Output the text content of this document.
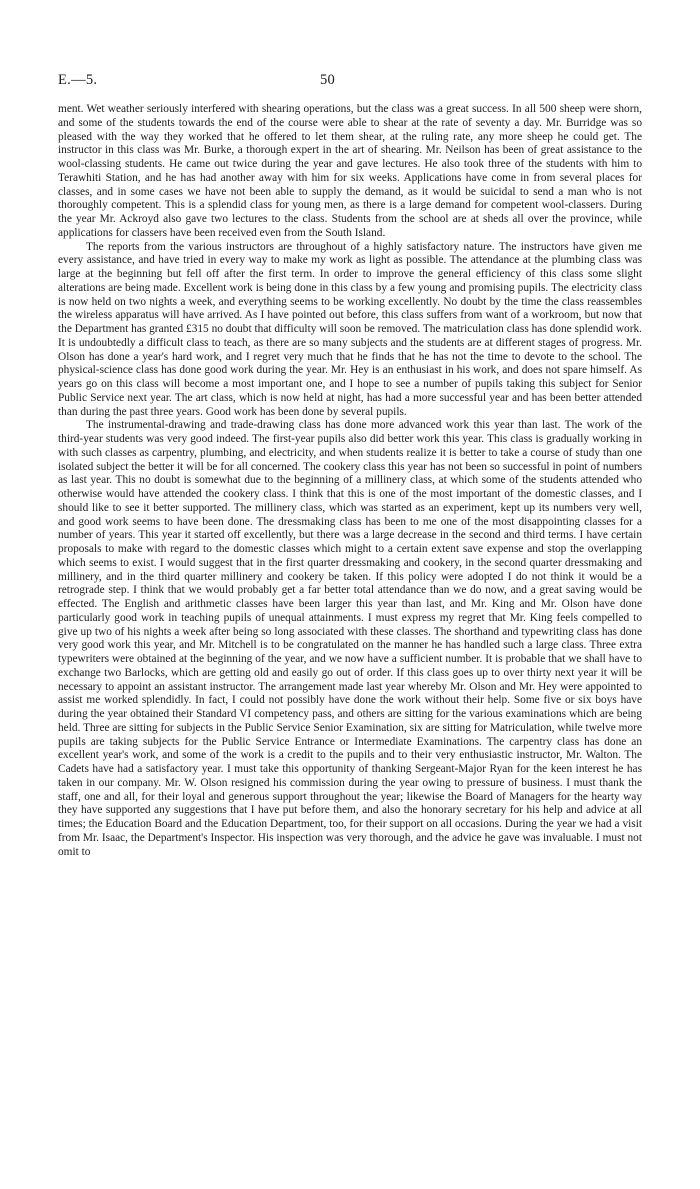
E.—5.	50

ment. Wet weather seriously interfered with shearing operations, but the class was a great success. In all 500 sheep were shorn, and some of the students towards the end of the course were able to shear at the rate of seventy a day. Mr. Burridge was so pleased with the way they worked that he offered to let them shear, at the ruling rate, any more sheep he could get. The instructor in this class was Mr. Burke, a thorough expert in the art of shearing. Mr. Neilson has been of great assistance to the wool-classing students. He came out twice during the year and gave lectures. He also took three of the students with him to Terawhiti Station, and he has had another away with him for six weeks. Applications have come in from several places for classes, and in some cases we have not been able to supply the demand, as it would be suicidal to send a man who is not thoroughly competent. This is a splendid class for young men, as there is a large demand for competent wool-classers. During the year Mr. Ackroyd also gave two lectures to the class. Students from the school are at sheds all over the province, while applications for classers have been received even from the South Island.

The reports from the various instructors are throughout of a highly satisfactory nature. The instructors have given me every assistance, and have tried in every way to make my work as light as possible. The attendance at the plumbing class was large at the beginning but fell off after the first term. In order to improve the general efficiency of this class some slight alterations are being made. Excellent work is being done in this class by a few young and promising pupils. The electricity class is now held on two nights a week, and everything seems to be working excellently. No doubt by the time the class reassembles the wireless apparatus will have arrived. As I have pointed out before, this class suffers from want of a workroom, but now that the Department has granted £315 no doubt that difficulty will soon be removed. The matriculation class has done splendid work. It is undoubtedly a difficult class to teach, as there are so many subjects and the students are at different stages of progress. Mr. Olson has done a year's hard work, and I regret very much that he finds that he has not the time to devote to the school. The physical-science class has done good work during the year. Mr. Hey is an enthusiast in his work, and does not spare himself. As years go on this class will become a most important one, and I hope to see a number of pupils taking this subject for Senior Public Service next year. The art class, which is now held at night, has had a more successful year and has been better attended than during the past three years. Good work has been done by several pupils.

The instrumental-drawing and trade-drawing class has done more advanced work this year than last. The work of the third-year students was very good indeed. The first-year pupils also did better work this year. This class is gradually working in with such classes as carpentry, plumbing, and electricity, and when students realize it is better to take a course of study than one isolated subject the better it will be for all concerned. The cookery class this year has not been so successful in point of numbers as last year. This no doubt is somewhat due to the beginning of a millinery class, at which some of the students attended who otherwise would have attended the cookery class. I think that this is one of the most important of the domestic classes, and I should like to see it better supported. The millinery class, which was started as an experiment, kept up its numbers very well, and good work seems to have been done. The dressmaking class has been to me one of the most disappointing classes for a number of years. This year it started off excellently, but there was a large decrease in the second and third terms. I have certain proposals to make with regard to the domestic classes which might to a certain extent save expense and stop the overlapping which seems to exist. I would suggest that in the first quarter dressmaking and cookery, in the second quarter dressmaking and millinery, and in the third quarter millinery and cookery be taken. If this policy were adopted I do not think it would be a retrograde step. I think that we would probably get a far better total attendance than we do now, and a great saving would be effected. The English and arithmetic classes have been larger this year than last, and Mr. King and Mr. Olson have done particularly good work in teaching pupils of unequal attainments. I must express my regret that Mr. King feels compelled to give up two of his nights a week after being so long associated with these classes. The shorthand and typewriting class has done very good work this year, and Mr. Mitchell is to be congratulated on the manner he has handled such a large class. Three extra typewriters were obtained at the beginning of the year, and we now have a sufficient number. It is probable that we shall have to exchange two Barlocks, which are getting old and easily go out of order. If this class goes up to over thirty next year it will be necessary to appoint an assistant instructor. The arrangement made last year whereby Mr. Olson and Mr. Hey were appointed to assist me worked splendidly. In fact, I could not possibly have done the work without their help. Some five or six boys have during the year obtained their Standard VI competency pass, and others are sitting for the various examinations which are being held. Three are sitting for subjects in the Public Service Senior Examination, six are sitting for Matriculation, while twelve more pupils are taking subjects for the Public Service Entrance or Intermediate Examinations. The carpentry class has done an excellent year's work, and some of the work is a credit to the pupils and to their very enthusiastic instructor, Mr. Walton. The Cadets have had a satisfactory year. I must take this opportunity of thanking Sergeant-Major Ryan for the keen interest he has taken in our company. Mr. W. Olson resigned his commission during the year owing to pressure of business. I must thank the staff, one and all, for their loyal and generous support throughout the year; likewise the Board of Managers for the hearty way they have supported any suggestions that I have put before them, and also the honorary secretary for his help and advice at all times; the Education Board and the Education Department, too, for their support on all occasions. During the year we had a visit from Mr. Isaac, the Department's Inspector. His inspection was very thorough, and the advice he gave was invaluable. I must not omit to
